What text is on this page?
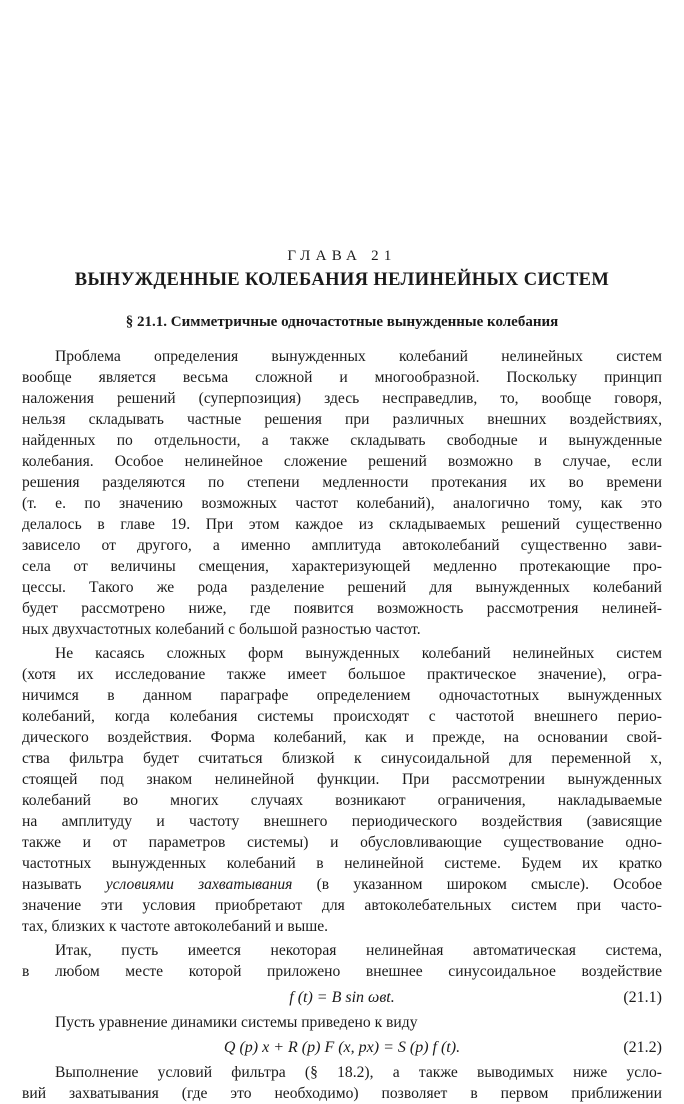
ГЛАВА 21
ВЫНУЖДЕННЫЕ КОЛЕБАНИЯ НЕЛИНЕЙНЫХ СИСТЕМ
§ 21.1. Симметричные одночастотные вынужденные колебания
Проблема определения вынужденных колебаний нелинейных систем
вообще является весьма сложной и многообразной. Поскольку принцип
наложения решений (суперпозиция) здесь несправедлив, то, вообще говоря,
нельзя складывать частные решения при различных внешних воздействиях,
найденных по отдельности, а также складывать свободные и вынужденные
колебания. Особое нелинейное сложение решений возможно в случае, если
решения разделяются по степени медленности протекания их во времени
(т. е. по значению возможных частот колебаний), аналогично тому, как это
делалось в главе 19. При этом каждое из складываемых решений существенно
зависело от другого, а именно амплитуда автоколебаний существенно зави-
села от величины смещения, характеризующей медленно протекающие про-
цессы. Такого же рода разделение решений для вынужденных колебаний
будет рассмотрено ниже, где появится возможность рассмотрения нелиней-
ных двухчастотных колебаний с большой разностью частот.
Не касаясь сложных форм вынужденных колебаний нелинейных систем
(хотя их исследование также имеет большое практическое значение), огра-
ничимся в данном параграфе определением одночастотных вынужденных
колебаний, когда колебания системы происходят с частотой внешнего перио-
дического воздействия. Форма колебаний, как и прежде, на основании свой-
ства фильтра будет считаться близкой к синусоидальной для переменной x,
стоящей под знаком нелинейной функции. При рассмотрении вынужденных
колебаний во многих случаях возникают ограничения, накладываемые
на амплитуду и частоту внешнего периодического воздействия (зависящие
также и от параметров системы) и обусловливающие существование одно-
частотных вынужденных колебаний в нелинейной системе. Будем их кратко
называть условиями захватывания (в указанном широком смысле). Особое
значение эти условия приобретают для автоколебательных систем при часто-
тах, близких к частоте автоколебаний и выше.
Итак, пусть имеется некоторая нелинейная автоматическая система,
в любом месте которой приложено внешнее синусоидальное воздействие
f (t) = B sin ωвt.	(21.1)
Пусть уравнение динамики системы приведено к виду
Q (p) x + R (p) F (x, px) = S (p) f (t).	(21.2)
Выполнение условий фильтра (§ 18.2), а также выводимых ниже усло-
вий захватывания (где это необходимо) позволяет в первом приближении
